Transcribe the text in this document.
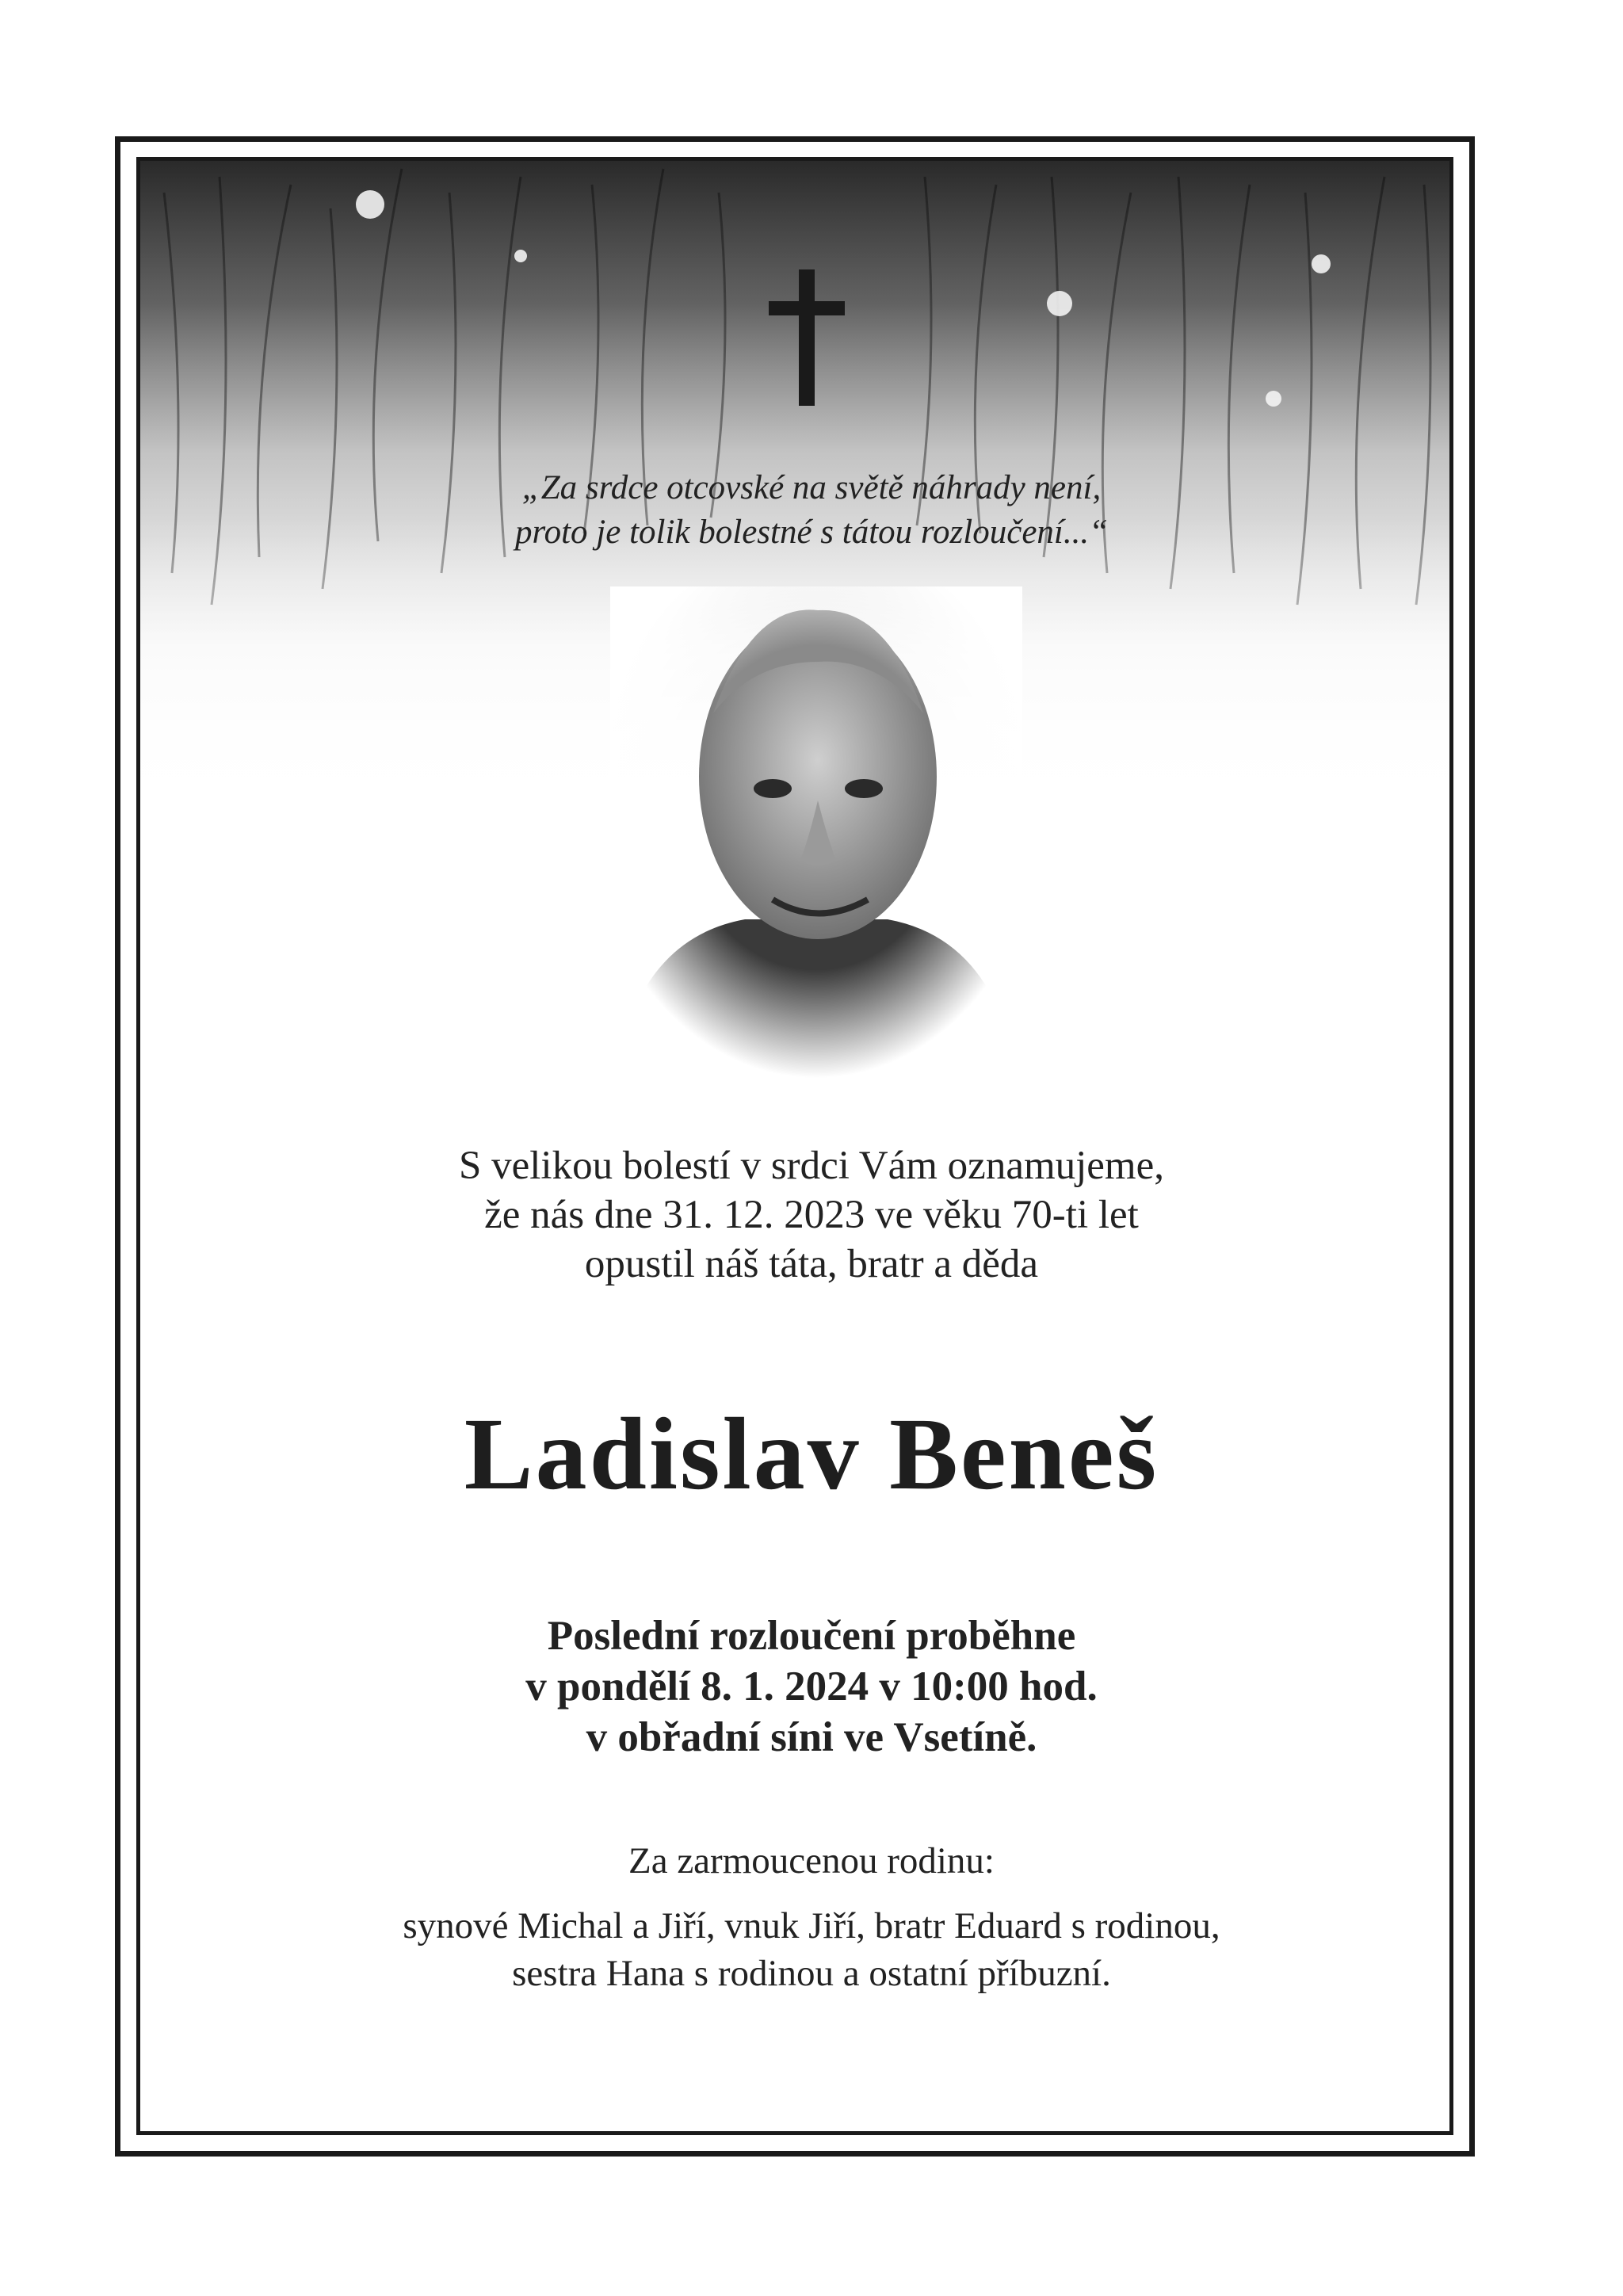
„Za srdce otcovské na světě náhrady není,
proto je tolik bolestné s tátou rozloučení...“
S velikou bolestí v srdci Vám oznamujeme,
že nás dne 31. 12. 2023 ve věku 70-ti let
opustil náš táta, bratr a děda
Ladislav Beneš
Poslední rozloučení proběhne
v pondělí 8. 1. 2024 v 10:00 hod.
v obřadní síni ve Vsetíně.
Za zarmoucenou rodinu:
synové Michal a Jiří, vnuk Jiří, bratr Eduard s rodinou,
sestra Hana s rodinou a ostatní příbuzní.
